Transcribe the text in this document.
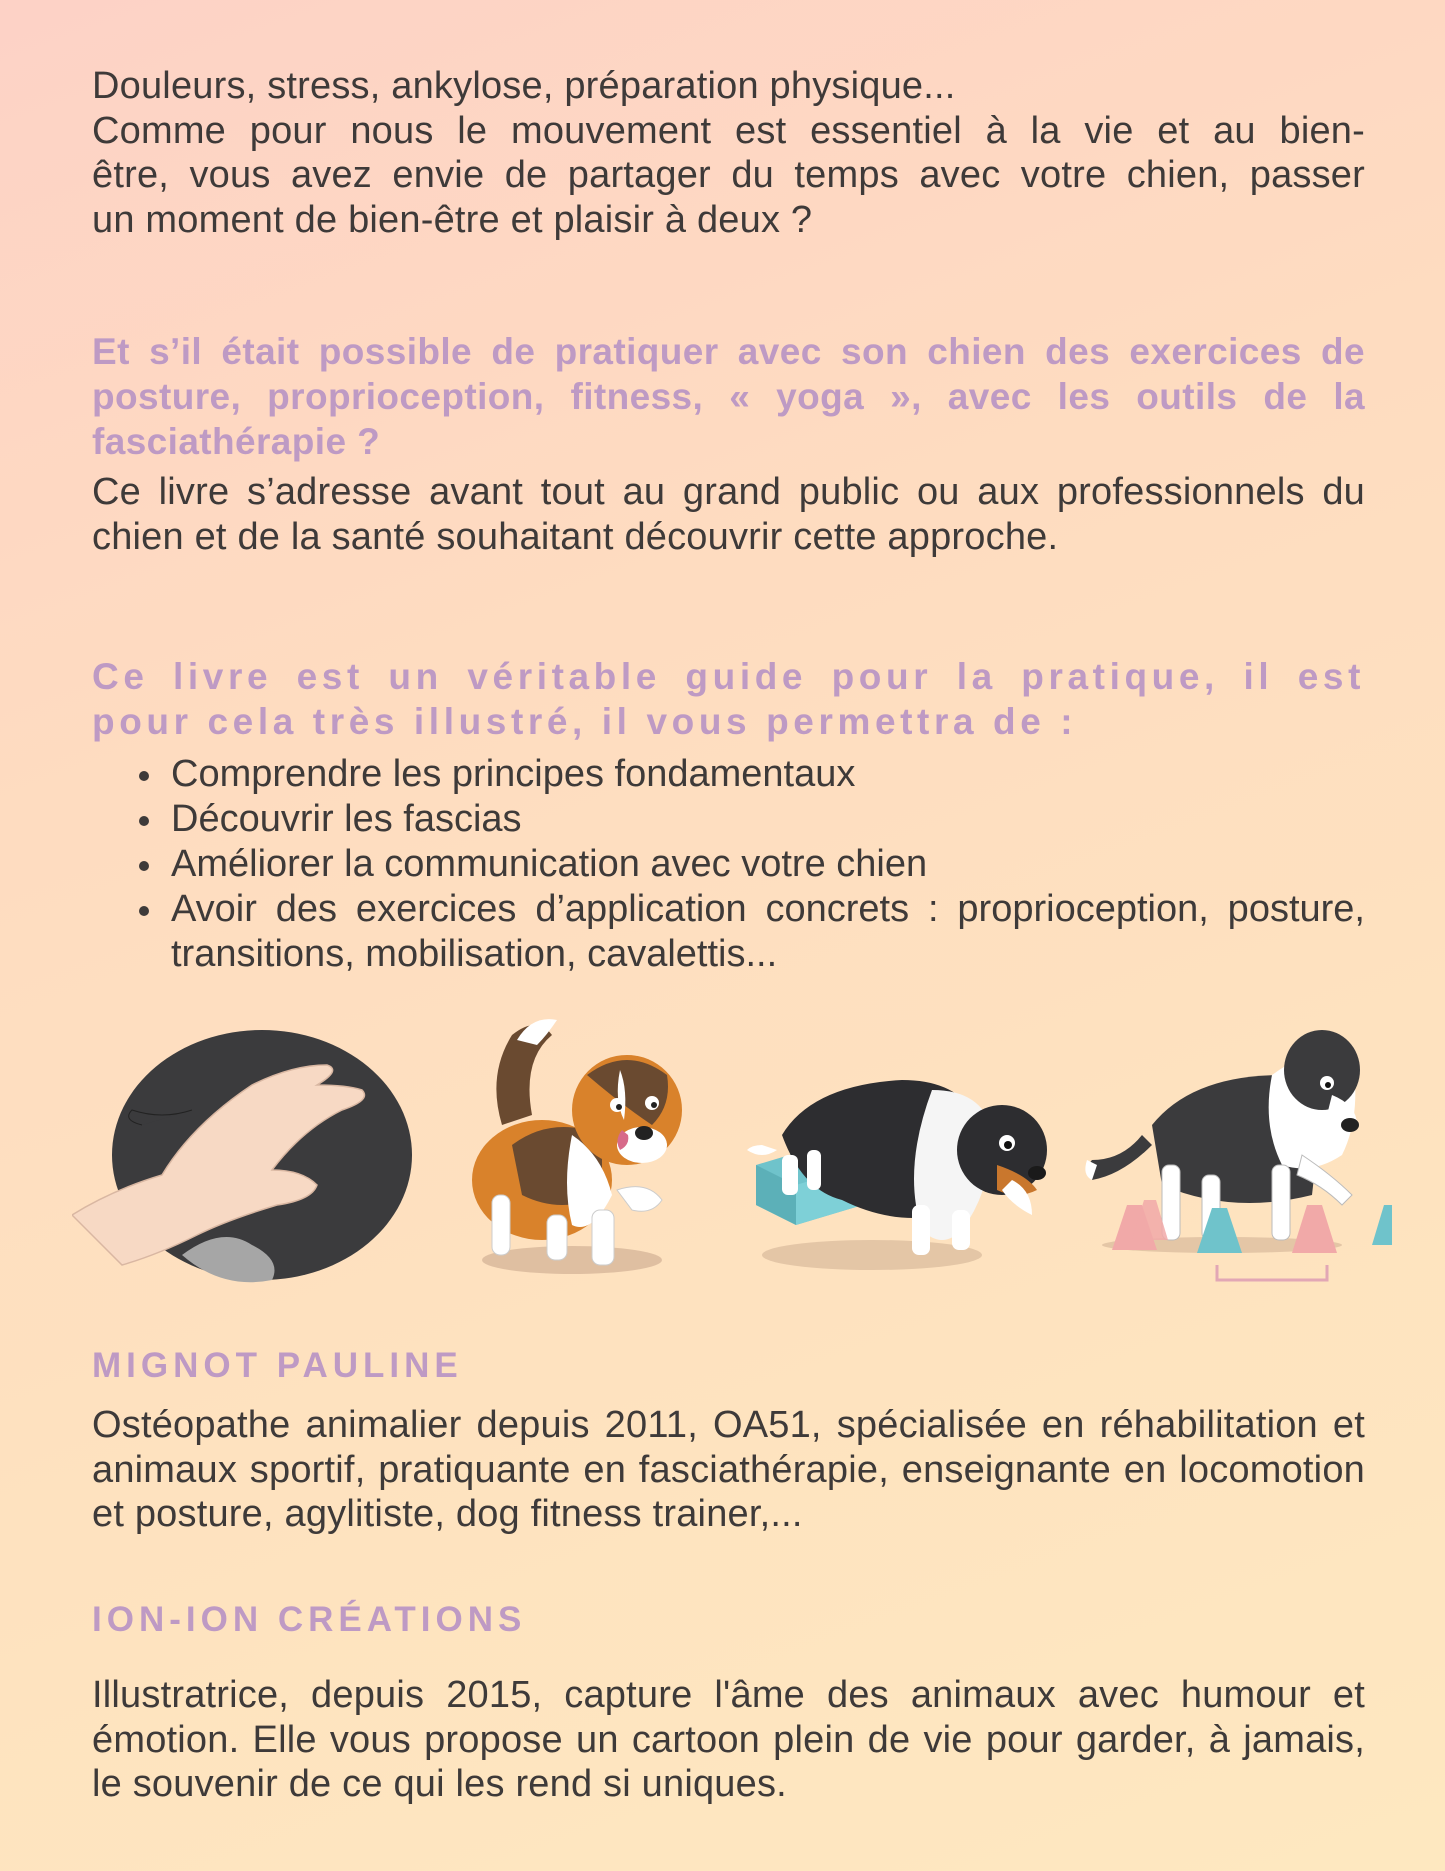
Douleurs, stress, ankylose, préparation physique...
Comme pour nous le mouvement est essentiel à la vie et au bien-
être, vous avez envie de partager du temps avec votre chien, passer
un moment de bien-être et plaisir à deux ?

Et s’il était possible de pratiquer avec son chien des exercices de posture, proprioception, fitness, « yoga », avec les outils de la fasciathérapie ?

Ce livre s’adresse avant tout au grand public ou aux professionnels du chien et de la santé souhaitant découvrir cette approche.

Ce livre est un véritable guide pour la pratique, il est pour cela très illustré, il vous permettra de :

Comprendre les principes fondamentaux
Découvrir les fascias
Améliorer la communication avec votre chien
Avoir des exercices d’application concrets : proprioception, posture, transitions, mobilisation, cavalettis...
MIGNOT PAULINE

Ostéopathe animalier depuis 2011, OA51, spécialisée en réhabilitation et animaux sportif, pratiquante en fasciathérapie, enseignante en locomotion et posture, agylitiste, dog fitness trainer,...

ION-ION CRÉATIONS

Illustratrice, depuis 2015, capture l'âme des animaux avec humour et émotion. Elle vous propose un cartoon plein de vie pour garder, à jamais, le souvenir de ce qui les rend si uniques.
